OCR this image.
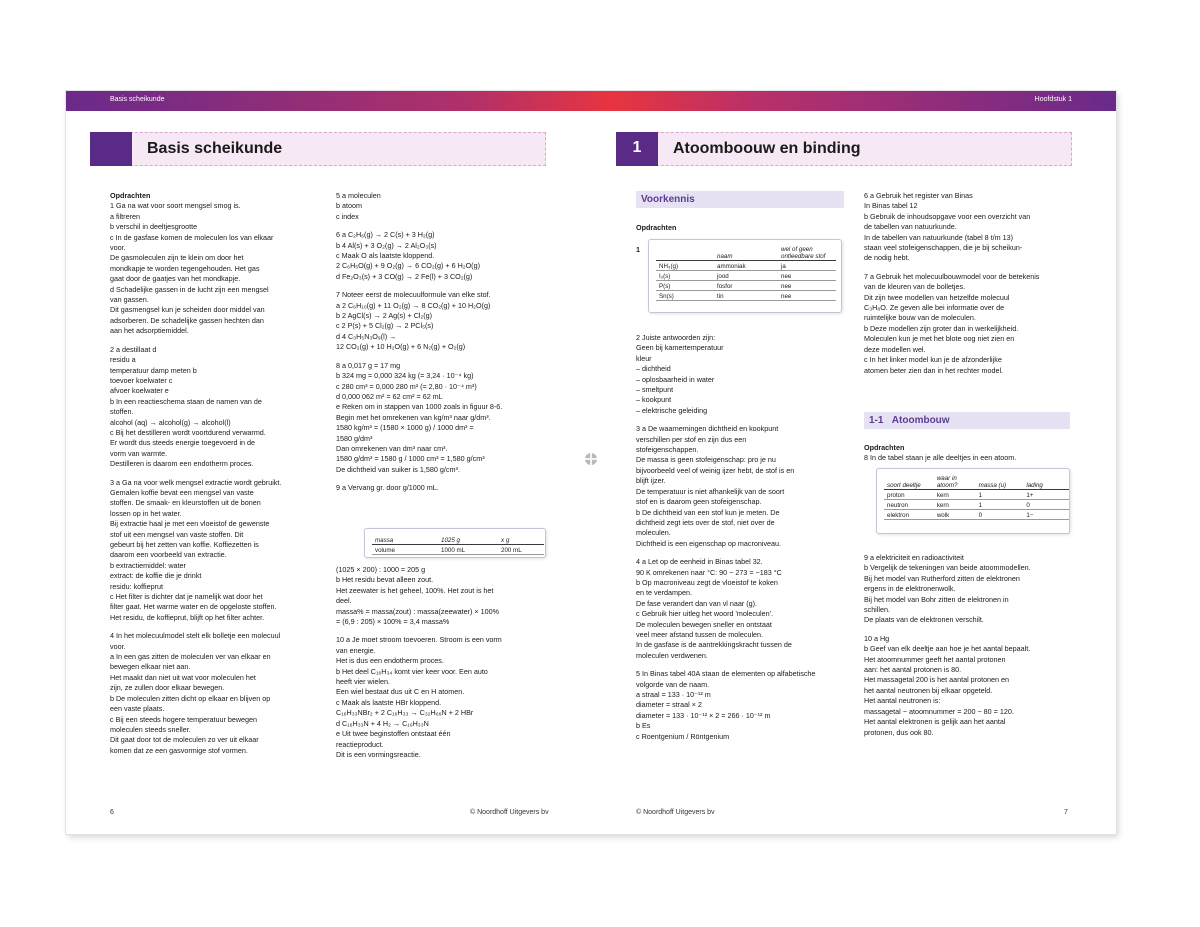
Basis scheikunde	Hoofdstuk 1
Basis scheikunde

Opdrachten

1 Ga na wat voor soort mengsel smog is.

a filtreren

b verschil in deeltjesgrootte

c In de gasfase komen de moleculen los van elkaar

voor.

De gasmoleculen zijn te klein om door het

mondkapje te worden tegengehouden. Het gas

gaat door de gaatjes van het mondkapje.

d Schadelijke gassen in de lucht zijn een mengsel

van gassen.

Dit gasmengsel kun je scheiden door middel van

adsorberen. De schadelijke gassen hechten dan

aan het adsorptiemiddel.

2 a destillaat d

residu a

temperatuur damp meten b

toevoer koelwater c

afvoer koelwater e

b In een reactieschema staan de namen van de

stoffen.

alcohol (aq) → alcohol(g) → alcohol(l)

c Bij het destilleren wordt voortdurend verwarmd.

Er wordt dus steeds energie toegevoerd in de

vorm van warmte.

Destilleren is daarom een endotherm proces.

3 a Ga na voor welk mengsel extractie wordt gebruikt.

Gemalen koffie bevat een mengsel van vaste

stoffen. De smaak- en kleurstoffen uit de bonen

lossen op in het water.

Bij extractie haal je met een vloeistof de gewenste

stof uit een mengsel van vaste stoffen. Dit

gebeurt bij het zetten van koffie. Koffiezetten is

daarom een voorbeeld van extractie.

b extractiemiddel: water

extract: de koffie die je drinkt

residu: koffieprut

c Het filter is dichter dat je namelijk wat door het

filter gaat. Het warme water en de opgeloste stoffen.

Het residu, de koffieprut, blijft op het filter achter.

4 In het molecuulmodel stelt elk bolletje een molecuul

voor.

a In een gas zitten de moleculen ver van elkaar en

bewegen elkaar niet aan.

Het maakt dan niet uit wat voor moleculen het

zijn, ze zullen door elkaar bewegen.

b De moleculen zitten dicht op elkaar en blijven op

een vaste plaats.

c Bij een steeds hogere temperatuur bewegen

moleculen steeds sneller.

Dit gaat door tot de moleculen zo ver uit elkaar

komen dat ze een gasvormige stof vormen.

5 a moleculen

b atoom

c index

6 a C₂H₆(g) → 2 C(s) + 3 H₂(g)

b 4 Al(s) + 3 O₂(g) → 2 Al₂O₃(s)

c Maak O als laatste kloppend.

2 C₆H₅O(g) + 9 O₂(g) → 6 CO₂(g) + 6 H₂O(g)

d Fe₂O₃(s) + 3 CO(g) → 2 Fe(l) + 3 CO₂(g)

7 Noteer eerst de molecuulformule van elke stof.

a 2 C₆H₁₀(g) + 11 O₂(g) → 8 CO₂(g) + 10 H₂O(g)

b 2 AgCl(s) → 2 Ag(s) + Cl₂(g)

c 2 P(s) + 5 Cl₂(g) → 2 PCl₅(s)

d 4 C₃H₅N₃O₉(l) →

12 CO₂(g) + 10 H₂O(g) + 6 N₂(g) + O₂(g)

8 a 0,017 g = 17 mg

b 324 mg = 0,000 324 kg (= 3,24 · 10⁻⁴ kg)

c 280 cm³ = 0,000 280 m³ (= 2,80 · 10⁻⁴ m³)

d 0,000 062 m² = 62 cm² = 62 mL

e Reken om in stappen van 1000 zoals in figuur 8-6.

Begin met het omrekenen van kg/m³ naar g/dm³.

1580 kg/m³ = (1580 × 1000 g) / 1000 dm³ =

1580 g/dm³

Dan omrekenen van dm³ naar cm³.

1580 g/dm³ = 1580 g / 1000 cm³ = 1,580 g/cm³

De dichtheid van suiker is 1,580 g/cm³.

9 a Vervang gr. door g/1000 mL.

massa	1025 g	x g
volume	1000 mL	200 mL

(1025 × 200) : 1000 = 205 g

b Het residu bevat alleen zout.

Het zeewater is het geheel, 100%. Het zout is het

deel.

massa% = massa(zout) : massa(zeewater) × 100%

= (6,9 : 205) × 100% = 3,4 massa%

10 a Je moet stroom toevoeren. Stroom is een vorm

van energie.

Het is dus een endotherm proces.

b Het deel C₁₆H₃₄ komt vier keer voor. Een auto

heeft vier wielen.

Een wiel bestaat dus uit C en H atomen.

c Maak als laatste HBr kloppend.

C₁₆H₃₃NBr₂ + 2 C₁₆H₃₃ → C₃₂H₆₆N + 2 HBr

d C₁₆H₃₃N + 4 H₂ → C₁₆H₃₃N

e Uit twee beginstoffen ontstaat één

reactieproduct.

Dit is een vormingsreactie.

6	© Noordhoff Uitgevers bv
1	Atoomboouw en binding
Voorkennis
Opdrachten
1
	naam	wel of geen ontleedbare stof
NH₃(g)	ammoniak	ja
I₂(s)	jood	nee
P(s)	fosfor	nee
Sn(s)	tin	nee

2 Juiste antwoorden zijn:

Geen bij kamertemperatuur

kleur

– dichtheid

– oplosbaarheid in water

– smeltpunt

– kookpunt

– elektrische geleiding

3 a De waarnemingen dichtheid en kookpunt

verschillen per stof en zijn dus een

stofeigenschappen.

De massa is geen stofeigenschap: pro je nu

bijvoorbeeld veel of weinig ijzer hebt, de stof is en

blijft ijzer.

De temperatuur is niet afhankelijk van de soort

stof en is daarom geen stofeigenschap.

b De dichtheid van een stof kun je meten. De

dichtheid zegt iets over de stof, niet over de

moleculen.

Dichtheid is een eigenschap op macroniveau.

4 a Let op de eenheid in Binas tabel 32.

90 K omrekenen naar °C: 90 − 273 = −183 °C

b Op macroniveau zegt de vloeistof te koken

en te verdampen.

De fase verandert dan van vl naar (g).

c Gebruik hier uitleg het woord 'moleculen'.

De moleculen bewegen sneller en ontstaat

veel meer afstand tussen de moleculen.

In de gasfase is de aantrekkingskracht tussen de

moleculen verdwenen.

5 In Binas tabel 40A staan de elementen op alfabetische

volgorde van de naam.

a straal = 133 · 10⁻¹² m

diameter = straal × 2

diameter = 133 · 10⁻¹² × 2 = 266 · 10⁻¹² m

b Es

c Roentgenium / Röntgenium

6 a Gebruik het register van Binas

In Binas tabel 12

b Gebruik de inhoudsopgave voor een overzicht van

de tabellen van natuurkunde.

In de tabellen van natuurkunde (tabel 8 t/m 13)

staan veel stofeigenschappen, die je bij scheikun-

de nodig hebt.

7 a Gebruik het molecuulbouwmodel voor de betekenis

van de kleuren van de bolletjes.

Dit zijn twee modellen van hetzelfde molecuul

C₃H₈O. Ze geven alle bei informatie over de

ruimtelijke bouw van de moleculen.

b Deze modellen zijn groter dan in werkelijkheid.

Moleculen kun je met het blote oog niet zien en

deze modellen wel.

c In het linker model kun je de afzonderlijke

atomen beter zien dan in het rechter model.

1-1 Atoombouw

Opdrachten

8 In de tabel staan je alle deeltjes in een atoom.

soort deeltje	waar in atoom?	massa (u)	lading
proton	kern	1	1+
neutron	kern	1	0
elektron	wolk	0	1−

9 a elektriciteit en radioactiviteit

b Vergelijk de tekeningen van beide atoommodellen.

Bij het model van Rutherford zitten de elektronen

ergens in de elektronenwolk.

Bij het model van Bohr zitten de elektronen in

schillen.

De plaats van de elektronen verschilt.

10 a Hg

b Geef van elk deeltje aan hoe je het aantal bepaalt.

Het atoomnummer geeft het aantal protonen

aan: het aantal protonen is 80.

Het massagetal 200 is het aantal protonen en

het aantal neutronen bij elkaar opgeteld.

Het aantal neutronen is:

massagetal − atoomnummer = 200 − 80 = 120.

Het aantal elektronen is gelijk aan het aantal

protonen, dus ook 80.

© Noordhoff Uitgevers bv	7
